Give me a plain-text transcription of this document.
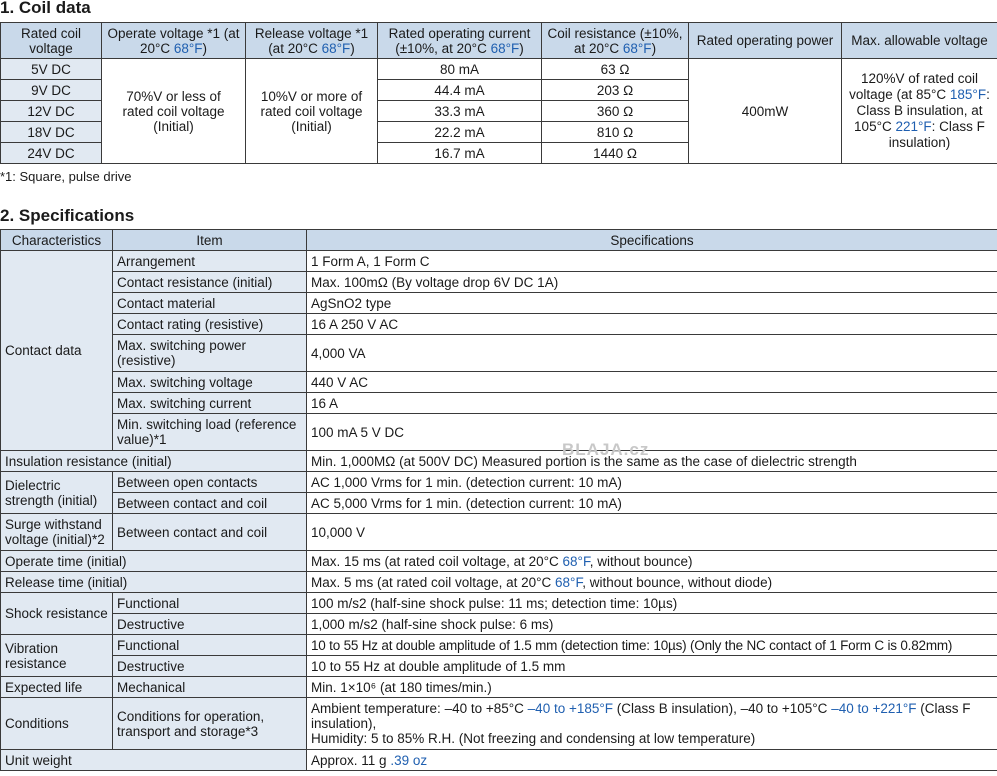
1. Coil data
Rated coil voltage	Operate voltage *1 (at 20°C 68°F)	Release voltage *1 (at 20°C 68°F)	Rated operating current (±10%, at 20°C 68°F)	Coil resistance (±10%, at 20°C 68°F)	Rated operating power	Max. allowable voltage
5V DC	70%V or less of rated coil voltage (Initial)	10%V or more of rated coil voltage (Initial)	80 mA	63 Ω	400mW	120%V of rated coil voltage (at 85°C 185°F: Class B insulation, at 105°C 221°F: Class F insulation)
9V DC			44.4 mA	203 Ω		
12V DC			33.3 mA	360 Ω		
18V DC			22.2 mA	810 Ω		
24V DC			16.7 mA	1440 Ω		
*1: Square, pulse drive
2. Specifications
Characteristics	Item	Specifications
Contact data	Arrangement	1 Form A, 1 Form C
	Contact resistance (initial)	Max. 100mΩ (By voltage drop 6V DC 1A)
	Contact material	AgSnO2 type
	Contact rating (resistive)	16 A 250 V AC
	Max. switching power (resistive)	4,000 VA
	Max. switching voltage	440 V AC
	Max. switching current	16 A
	Min. switching load (reference value)*1	100 mA 5 V DC
Insulation resistance (initial)		Min. 1,000MΩ (at 500V DC) Measured portion is the same as the case of dielectric strength
Dielectric strength (initial)	Between open contacts	AC 1,000 Vrms for 1 min. (detection current: 10 mA)
	Between contact and coil	AC 5,000 Vrms for 1 min. (detection current: 10 mA)
Surge withstand voltage (initial)*2	Between contact and coil	10,000 V
Operate time (initial)		Max. 15 ms (at rated coil voltage, at 20°C 68°F, without bounce)
Release time (initial)		Max. 5 ms (at rated coil voltage, at 20°C 68°F, without bounce, without diode)
Shock resistance	Functional	100 m/s2 (half-sine shock pulse: 11 ms; detection time: 10µs)
	Destructive	1,000 m/s2 (half-sine shock pulse: 6 ms)
Vibration resistance	Functional	10 to 55 Hz at double amplitude of 1.5 mm (detection time: 10µs) (Only the NC contact of 1 Form C is 0.82mm)
	Destructive	10 to 55 Hz at double amplitude of 1.5 mm
Expected life	Mechanical	Min. 1×10⁶ (at 180 times/min.)
Conditions	Conditions for operation, transport and storage*3	Ambient temperature: –40 to +85°C –40 to +185°F (Class B insulation), –40 to +105°C –40 to +221°F (Class F insulation),
Humidity: 5 to 85% R.H. (Not freezing and condensing at low temperature)
Unit weight		Approx. 11 g .39 oz
BLAJA.cz
